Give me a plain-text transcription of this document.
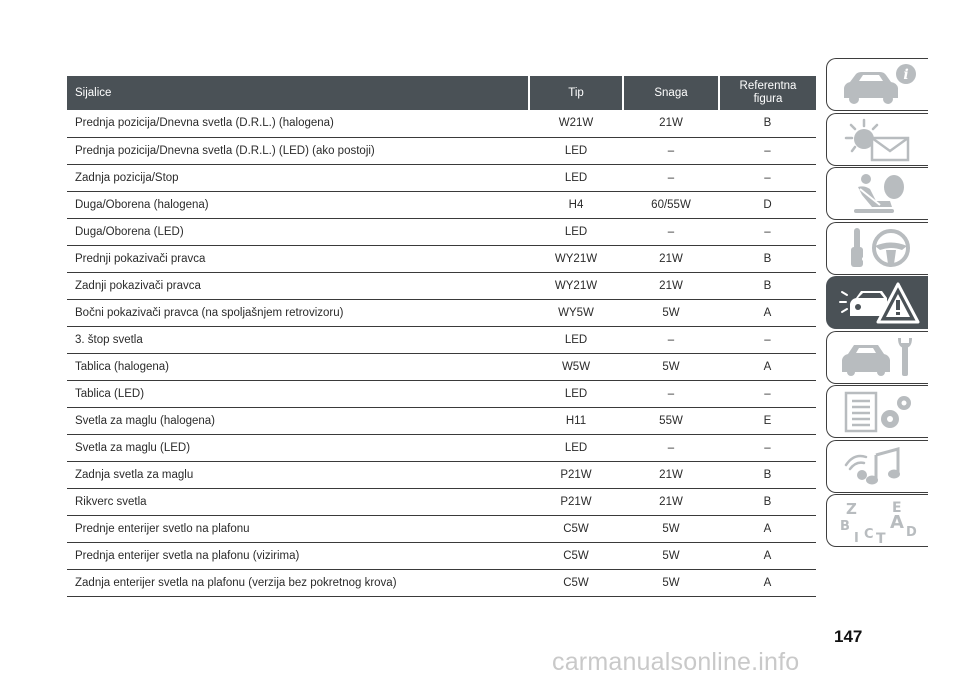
Sijalice	Tip	Snaga	Referentna
figura
Prednja pozicija/Dnevna svetla (D.R.L.) (halogena)	W21W	21W	B
Prednja pozicija/Dnevna svetla (D.R.L.) (LED) (ako postoji)	LED	–	–
Zadnja pozicija/Stop	LED	–	–
Duga/Oborena (halogena)	H4	60/55W	D
Duga/Oborena (LED)	LED	–	–
Prednji pokazivači pravca	WY21W	21W	B
Zadnji pokazivači pravca	WY21W	21W	B
Bočni pokazivači pravca (na spoljašnjem retrovizoru)	WY5W	5W	A
3. štop svetla	LED	–	–
Tablica (halogena)	W5W	5W	A
Tablica (LED)	LED	–	–
Svetla za maglu (halogena)	H11	55W	E
Svetla za maglu (LED)	LED	–	–
Zadnja svetla za maglu	P21W	21W	B
Rikverc svetla	P21W	21W	B
Prednje enterijer svetlo na plafonu	C5W	5W	A
Prednja enterijer svetla na plafonu (vizirima)	C5W	5W	A
Zadnja enterijer svetla na plafonu (verzija bez pokretnog krova)	C5W	5W	A
i
Z	E
B A D
I C T
147
carmanualsonline.info
